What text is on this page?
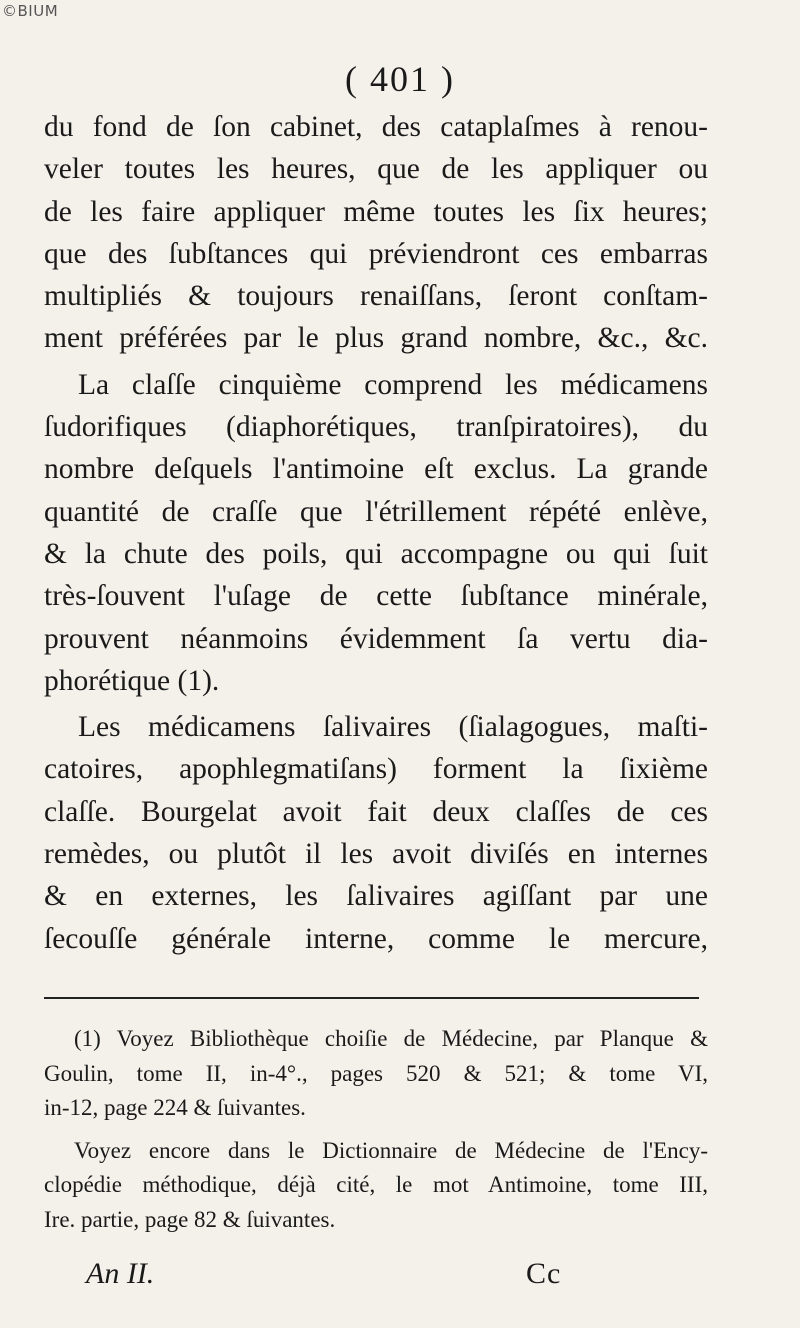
©BIUM
( 401 )
du fond de ſon cabinet, des cataplaſmes à renou-
veler toutes les heures, que de les appliquer ou
de les faire appliquer même toutes les ſix heures;
que des ſubſtances qui préviendront ces embarras
multipliés & toujours renaiſſans, ſeront conſtam-
ment préférées par le plus grand nombre, &c., &c.
La claſſe cinquième comprend les médicamens
ſudorifiques (diaphorétiques, tranſpiratoires), du
nombre deſquels l'antimoine eſt exclus. La grande
quantité de craſſe que l'étrillement répété enlève,
& la chute des poils, qui accompagne ou qui ſuit
très-ſouvent l'uſage de cette ſubſtance minérale,
prouvent néanmoins évidemment ſa vertu dia-
phorétique (1).
Les médicamens ſalivaires (ſialagogues, maſti-
catoires, apophlegmatiſans) forment la ſixième
claſſe. Bourgelat avoit fait deux claſſes de ces
remèdes, ou plutôt il les avoit diviſés en internes
& en externes, les ſalivaires agiſſant par une
ſecouſſe générale interne, comme le mercure,
(1) Voyez Bibliothèque choiſie de Médecine, par Planque &
Goulin, tome II, in-4°., pages 520 & 521; & tome VI,
in-12, page 224 & ſuivantes.
Voyez encore dans le Dictionnaire de Médecine de l'Ency-
clopédie méthodique, déjà cité, le mot Antimoine, tome III,
Ire. partie, page 82 & ſuivantes.
An II.	Cc
